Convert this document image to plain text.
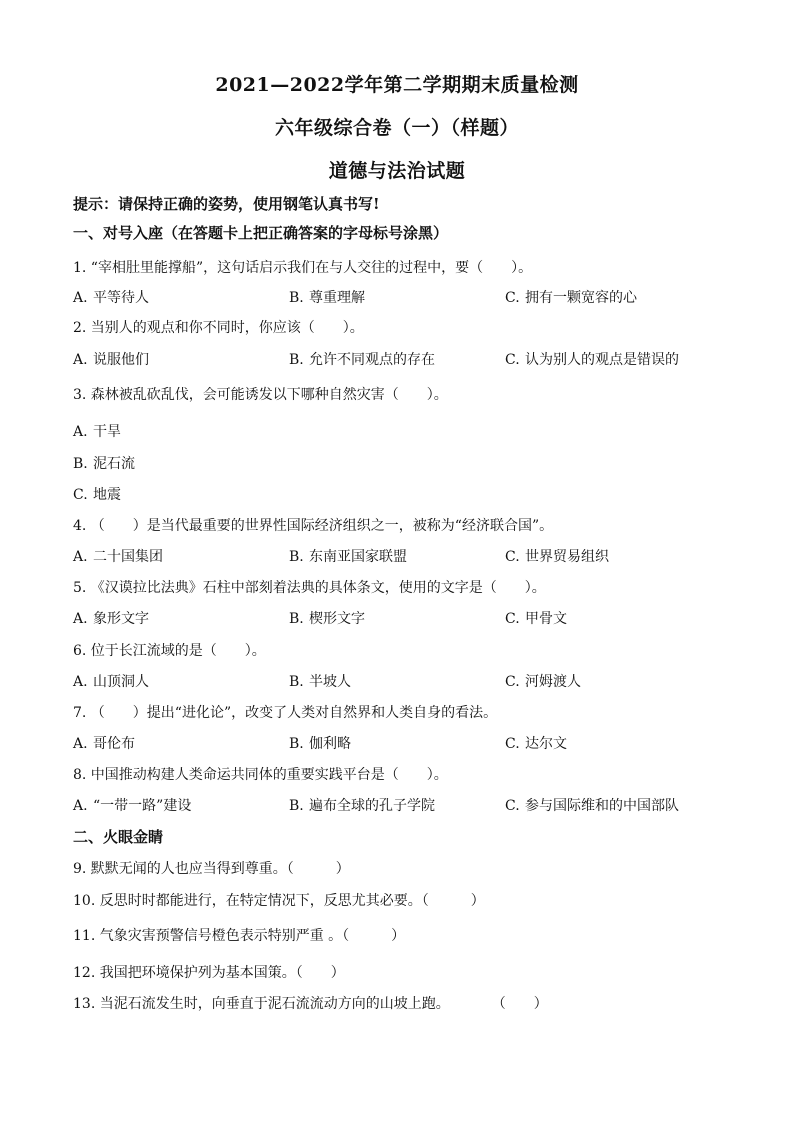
2021—2022学年第二学期期末质量检测
六年级综合卷（一）（样题）
道德与法治试题
提示：请保持正确的姿势，使用钢笔认真书写!
一、对号入座（在答题卡上把正确答案的字母标号涂黑）
1. “宰相肚里能撑船”，这句话启示我们在与人交往的过程中，要（　　）。
A. 平等待人	B. 尊重理解	C. 拥有一颗宽容的心
2. 当别人的观点和你不同时，你应该（　　）。
A. 说服他们	B. 允许不同观点的存在	C. 认为别人的观点是错误的
3. 森林被乱砍乱伐，会可能诱发以下哪种自然灾害（　　）。
A. 干旱
B. 泥石流
C. 地震
4. （　　）是当代最重要的世界性国际经济组织之一，被称为“经济联合国”。
A. 二十国集团	B. 东南亚国家联盟	C. 世界贸易组织
5. 《汉谟拉比法典》石柱中部刻着法典的具体条文，使用的文字是（　　）。
A. 象形文字	B. 楔形文字	C. 甲骨文
6. 位于长江流域的是（　　）。
A. 山顶洞人	B. 半坡人	C. 河姆渡人
7. （　　）提出“进化论”，改变了人类对自然界和人类自身的看法。
A. 哥伦布	B. 伽利略	C. 达尔文
8. 中国推动构建人类命运共同体的重要实践平台是（　　）。
A. “一带一路”建设	B. 遍布全球的孔子学院	C. 参与国际维和的中国部队
二、火眼金睛
9. 默默无闻的人也应当得到尊重。（　　　）
10. 反思时时都能进行，在特定情况下，反思尤其必要。（　　　）
11. 气象灾害预警信号橙色表示特别严重 。（　　　）
12. 我国把环境保护列为基本国策。（　　）
13. 当泥石流发生时，向垂直于泥石流流动方向的山坡上跑。　　　　（　　）
